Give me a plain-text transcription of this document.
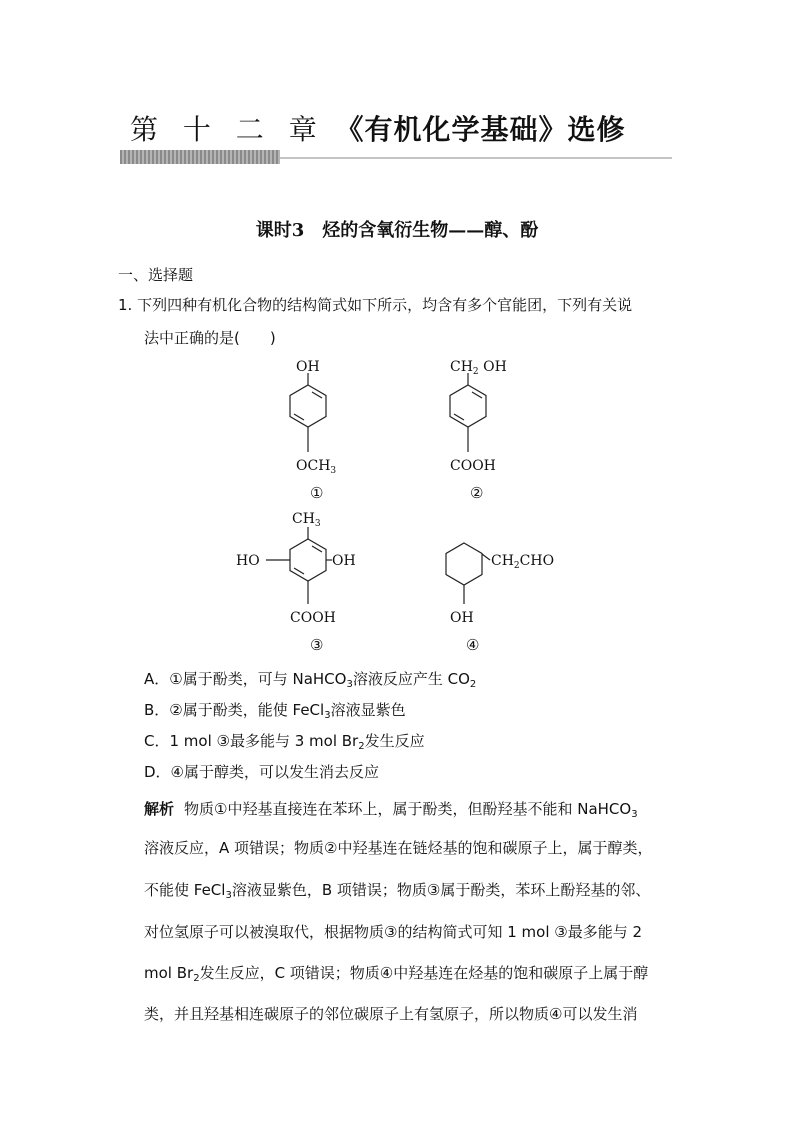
第 十 二 章 《有机化学基础》选修
课时3　烃的含氧衍生物——醇、酚
一、选择题
1. 下列四种有机化合物的结构简式如下所示，均含有多个官能团，下列有关说
法中正确的是(　　)
OH
$OCH_3$
①
$CH_2$ OH
COOH
②
$CH_3$
HO	OH
COOH
③
$CH_2CHO$
OH
④
A．①属于酚类，可与 NaHCO$_3$溶液反应产生 $CO_2$
B．②属于酚类，能使 FeCl$_3$溶液显紫色
C．1 mol ③最多能与 3 mol $Br_2$发生反应
D．④属于醇类，可以发生消去反应
解析 物质①中羟基直接连在苯环上，属于酚类，但酚羟基不能和 NaHCO$_3$
溶液反应，A 项错误；物质②中羟基连在链烃基的饱和碳原子上，属于醇类，
不能使 FeCl$_3$溶液显紫色，B 项错误；物质③属于酚类，苯环上酚羟基的邻、
对位氢原子可以被溴取代，根据物质③的结构简式可知 1 mol ③最多能与 2
mol $Br_2$发生反应，C 项错误；物质④中羟基连在烃基的饱和碳原子上属于醇
类，并且羟基相连碳原子的邻位碳原子上有氢原子，所以物质④可以发生消
